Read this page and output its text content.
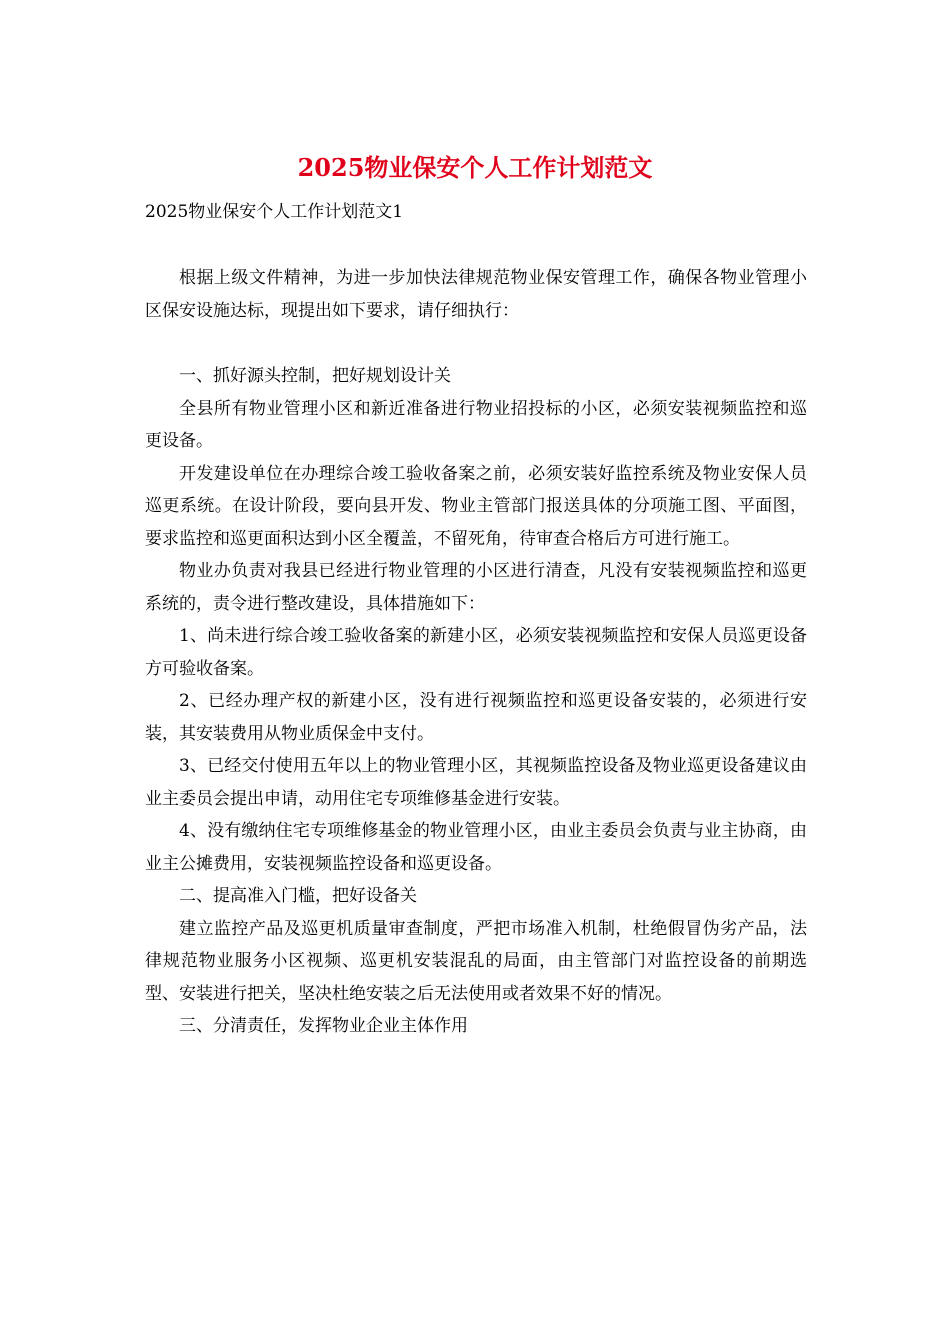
2025物业保安个人工作计划范文

2025物业保安个人工作计划范文1

根据上级文件精神，为进一步加快法律规范物业保安管理工作，确保各物业管理小区保安设施达标，现提出如下要求，请仔细执行：

一、抓好源头控制，把好规划设计关

全县所有物业管理小区和新近准备进行物业招投标的小区，必须安装视频监控和巡更设备。

开发建设单位在办理综合竣工验收备案之前，必须安装好监控系统及物业安保人员巡更系统。在设计阶段，要向县开发、物业主管部门报送具体的分项施工图、平面图，要求监控和巡更面积达到小区全覆盖，不留死角，待审查合格后方可进行施工。

物业办负责对我县已经进行物业管理的小区进行清查，凡没有安装视频监控和巡更系统的，责令进行整改建设，具体措施如下：

1、尚未进行综合竣工验收备案的新建小区，必须安装视频监控和安保人员巡更设备方可验收备案。

2、已经办理产权的新建小区，没有进行视频监控和巡更设备安装的，必须进行安装，其安装费用从物业质保金中支付。

3、已经交付使用五年以上的物业管理小区，其视频监控设备及物业巡更设备建议由业主委员会提出申请，动用住宅专项维修基金进行安装。

4、没有缴纳住宅专项维修基金的物业管理小区，由业主委员会负责与业主协商，由业主公摊费用，安装视频监控设备和巡更设备。

二、提高准入门槛，把好设备关

建立监控产品及巡更机质量审查制度，严把市场准入机制，杜绝假冒伪劣产品，法律规范物业服务小区视频、巡更机安装混乱的局面，由主管部门对监控设备的前期选型、安装进行把关，坚决杜绝安装之后无法使用或者效果不好的情况。

三、分清责任，发挥物业企业主体作用
